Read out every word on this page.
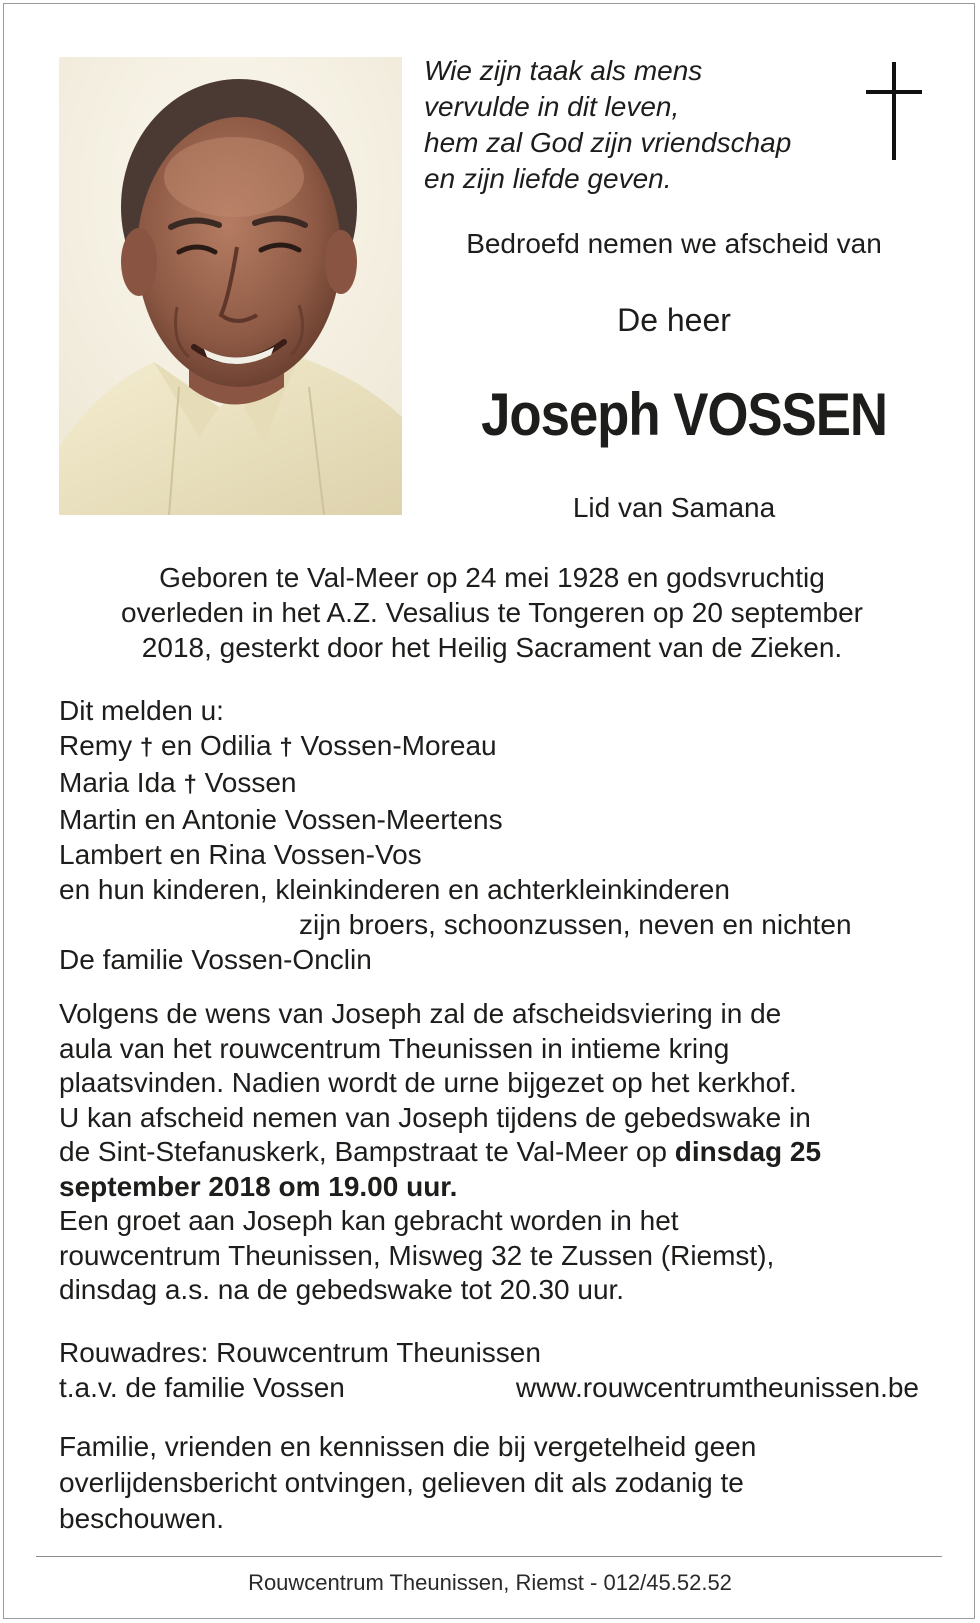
Wie zijn taak als mens
vervulde in dit leven,
hem zal God zijn vriendschap
en zijn liefde geven.
Bedroefd nemen we afscheid van
De heer
Joseph VOSSEN
Lid van Samana
Geboren te Val-Meer op 24 mei 1928 en godsvruchtig
overleden in het A.Z. Vesalius te Tongeren op 20 september
2018, gesterkt door het Heilig Sacrament van de Zieken.
Dit melden u:
Remy † en Odilia † Vossen-Moreau
Maria Ida † Vossen
Martin en Antonie Vossen-Meertens
Lambert en Rina Vossen-Vos
en hun kinderen, kleinkinderen en achterkleinkinderen
zijn broers, schoonzussen, neven en nichten
De familie Vossen-Onclin
Volgens de wens van Joseph zal de afscheidsviering in de
aula van het rouwcentrum Theunissen in intieme kring
plaatsvinden. Nadien wordt de urne bijgezet op het kerkhof.
U kan afscheid nemen van Joseph tijdens de gebedswake in
de Sint-Stefanuskerk, Bampstraat te Val-Meer op dinsdag 25
september 2018 om 19.00 uur.
Een groet aan Joseph kan gebracht worden in het
rouwcentrum Theunissen, Misweg 32 te Zussen (Riemst),
dinsdag a.s. na de gebedswake tot 20.30 uur.
Rouwadres: Rouwcentrum Theunissen
t.a.v. de familie Vossen	www.rouwcentrumtheunissen.be
Familie, vrienden en kennissen die bij vergetelheid geen
overlijdensbericht ontvingen, gelieven dit als zodanig te
beschouwen.
Rouwcentrum Theunissen, Riemst - 012/45.52.52
